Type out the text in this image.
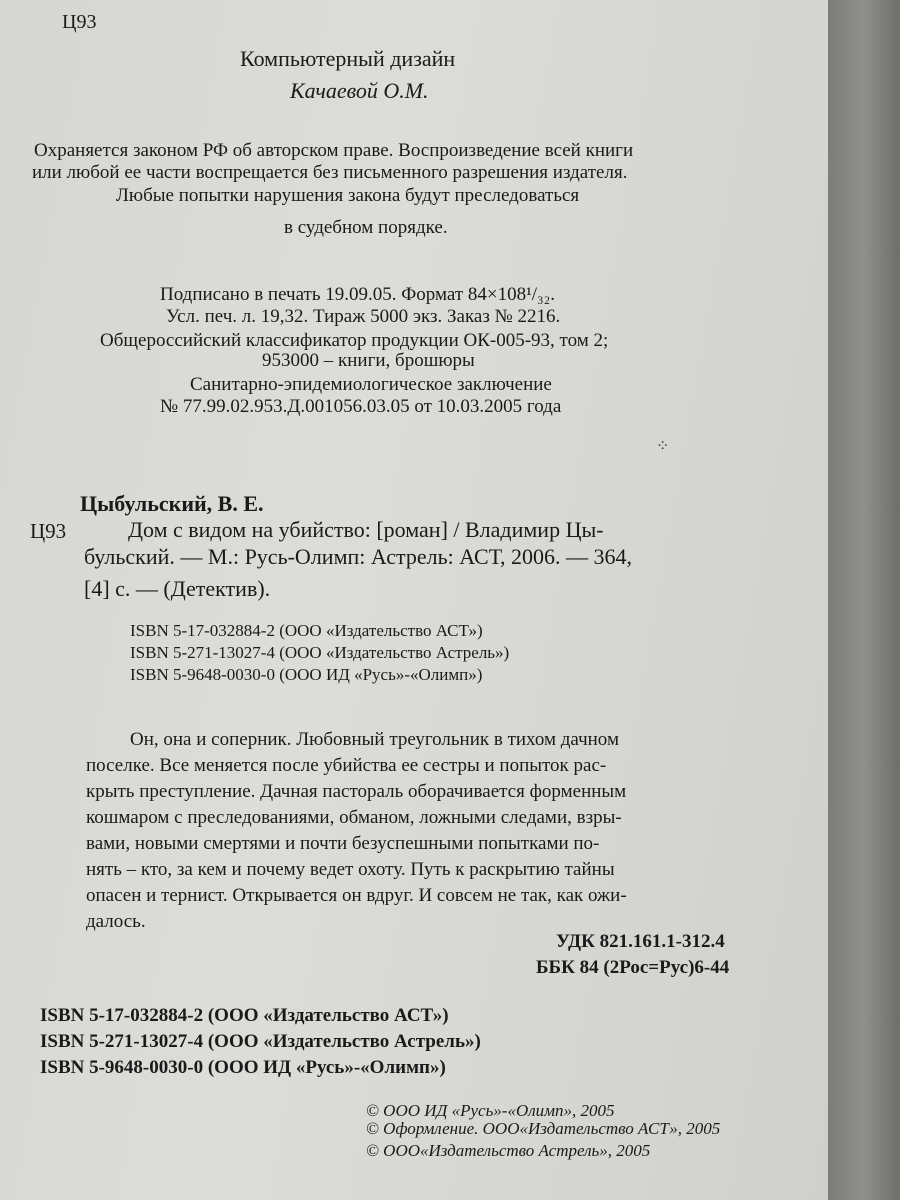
Ц93
Компьютерный дизайн
Качаевой О.М.
Охраняется законом РФ об авторском праве. Воспроизведение всей книги
или любой ее части воспрещается без письменного разрешения издателя.
Любые попытки нарушения закона будут преследоваться
в судебном порядке.
Подписано в печать 19.09.05. Формат 84×108¹/₃₂.
Усл. печ. л. 19,32. Тираж 5000 экз. Заказ № 2216.
Общероссийский классификатор продукции ОК-005-93, том 2;
953000 – книги, брошюры
Санитарно-эпидемиологическое заключение
№ 77.99.02.953.Д.001056.03.05 от 10.03.2005 года
⁘
Цыбульский, В. Е.
Ц93	Дом с видом на убийство: [роман] / Владимир Цы-
бульский. — М.: Русь-Олимп: Астрель: АСТ, 2006. — 364,
[4] с. — (Детектив).
ISBN 5-17-032884-2 (ООО «Издательство АСТ»)
ISBN 5-271-13027-4 (ООО «Издательство Астрель»)
ISBN 5-9648-0030-0 (ООО ИД «Русь»-«Олимп»)
Он, она и соперник. Любовный треугольник в тихом дачном
поселке. Все меняется после убийства ее сестры и попыток рас-
крыть преступление. Дачная пастораль оборачивается форменным
кошмаром с преследованиями, обманом, ложными следами, взры-
вами, новыми смертями и почти безуспешными попытками по-
нять – кто, за кем и почему ведет охоту. Путь к раскрытию тайны
опасен и тернист. Открывается он вдруг. И совсем не так, как ожи-
далось.
УДК 821.161.1-312.4
ББК 84 (2Рос=Рус)6-44
ISBN 5-17-032884-2 (ООО «Издательство АСТ»)
ISBN 5-271-13027-4 (ООО «Издательство Астрель»)
ISBN 5-9648-0030-0 (ООО ИД «Русь»-«Олимп»)
© ООО ИД «Русь»-«Олимп», 2005
© Оформление. ООО«Издательство АСТ», 2005
© ООО«Издательство Астрель», 2005
